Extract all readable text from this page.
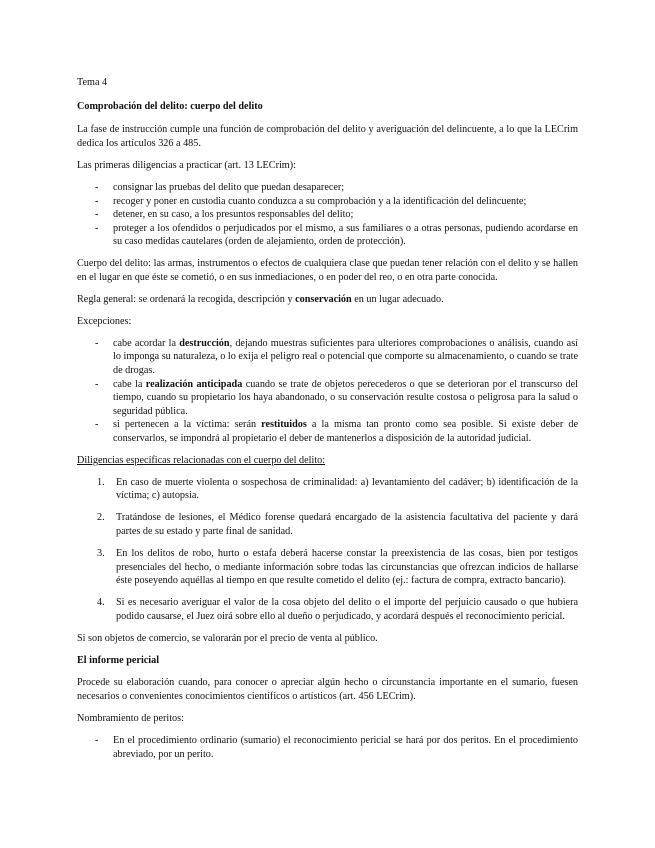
Tema 4

Comprobación del delito: cuerpo del delito

La fase de instrucción cumple una función de comprobación del delito y averiguación del delincuente, a lo que la LECrim dedica los artículos 326 a 485.

Las primeras diligencias a practicar (art. 13 LECrim):

- consignar las pruebas del delito que puedan desaparecer;
- recoger y poner en custodia cuanto conduzca a su comprobación y a la identificación del delincuente;
- detener, en su caso, a los presuntos responsables del delito;
- proteger a los ofendidos o perjudicados por el mismo, a sus familiares o a otras personas, pudiendo acordarse en su caso medidas cautelares (orden de alejamiento, orden de protección).

Cuerpo del delito: las armas, instrumentos o efectos de cualquiera clase que puedan tener relación con el delito y se hallen en el lugar en que éste se cometió, o en sus inmediaciones, o en poder del reo, o en otra parte conocida.

Regla general: se ordenará la recogida, descripción y conservación en un lugar adecuado.

Excepciones:

- cabe acordar la destrucción, dejando muestras suficientes para ulteriores comprobaciones o análisis, cuando así lo imponga su naturaleza, o lo exija el peligro real o potencial que comporte su almacenamiento, o cuando se trate de drogas.
- cabe la realización anticipada cuando se trate de objetos perecederos o que se deterioran por el transcurso del tiempo, cuando su propietario los haya abandonado, o su conservación resulte costosa o peligrosa para la salud o seguridad pública.
- si pertenecen a la víctima: serán restituidos a la misma tan pronto como sea posible. Si existe deber de conservarlos, se impondrá al propietario el deber de mantenerlos a disposición de la autoridad judicial.

Diligencias específicas relacionadas con el cuerpo del delito:

1. En caso de muerte violenta o sospechosa de criminalidad: a) levantamiento del cadáver; b) identificación de la víctima; c) autopsia.
2. Tratándose de lesiones, el Médico forense quedará encargado de la asistencia facultativa del paciente y dará partes de su estado y parte final de sanidad.
3. En los delitos de robo, hurto o estafa deberá hacerse constar la preexistencia de las cosas, bien por testigos presenciales del hecho, o mediante información sobre todas las circunstancias que ofrezcan indicios de hallarse éste poseyendo aquéllas al tiempo en que resulte cometido el delito (ej.: factura de compra, extracto bancario).
4. Si es necesario averiguar el valor de la cosa objeto del delito o el importe del perjuicio causado o que hubiera podido causarse, el Juez oirá sobre ello al dueño o perjudicado, y acordará después el reconocimiento pericial.

Si son objetos de comercio, se valorarán por el precio de venta al público.

El informe pericial

Procede su elaboración cuando, para conocer o apreciar algún hecho o circunstancia importante en el sumario, fuesen necesarios o convenientes conocimientos científicos o artísticos (art. 456 LECrim).

Nombramiento de peritos:

- En el procedimiento ordinario (sumario) el reconocimiento pericial se hará por dos peritos. En el procedimiento abreviado, por un perito.
